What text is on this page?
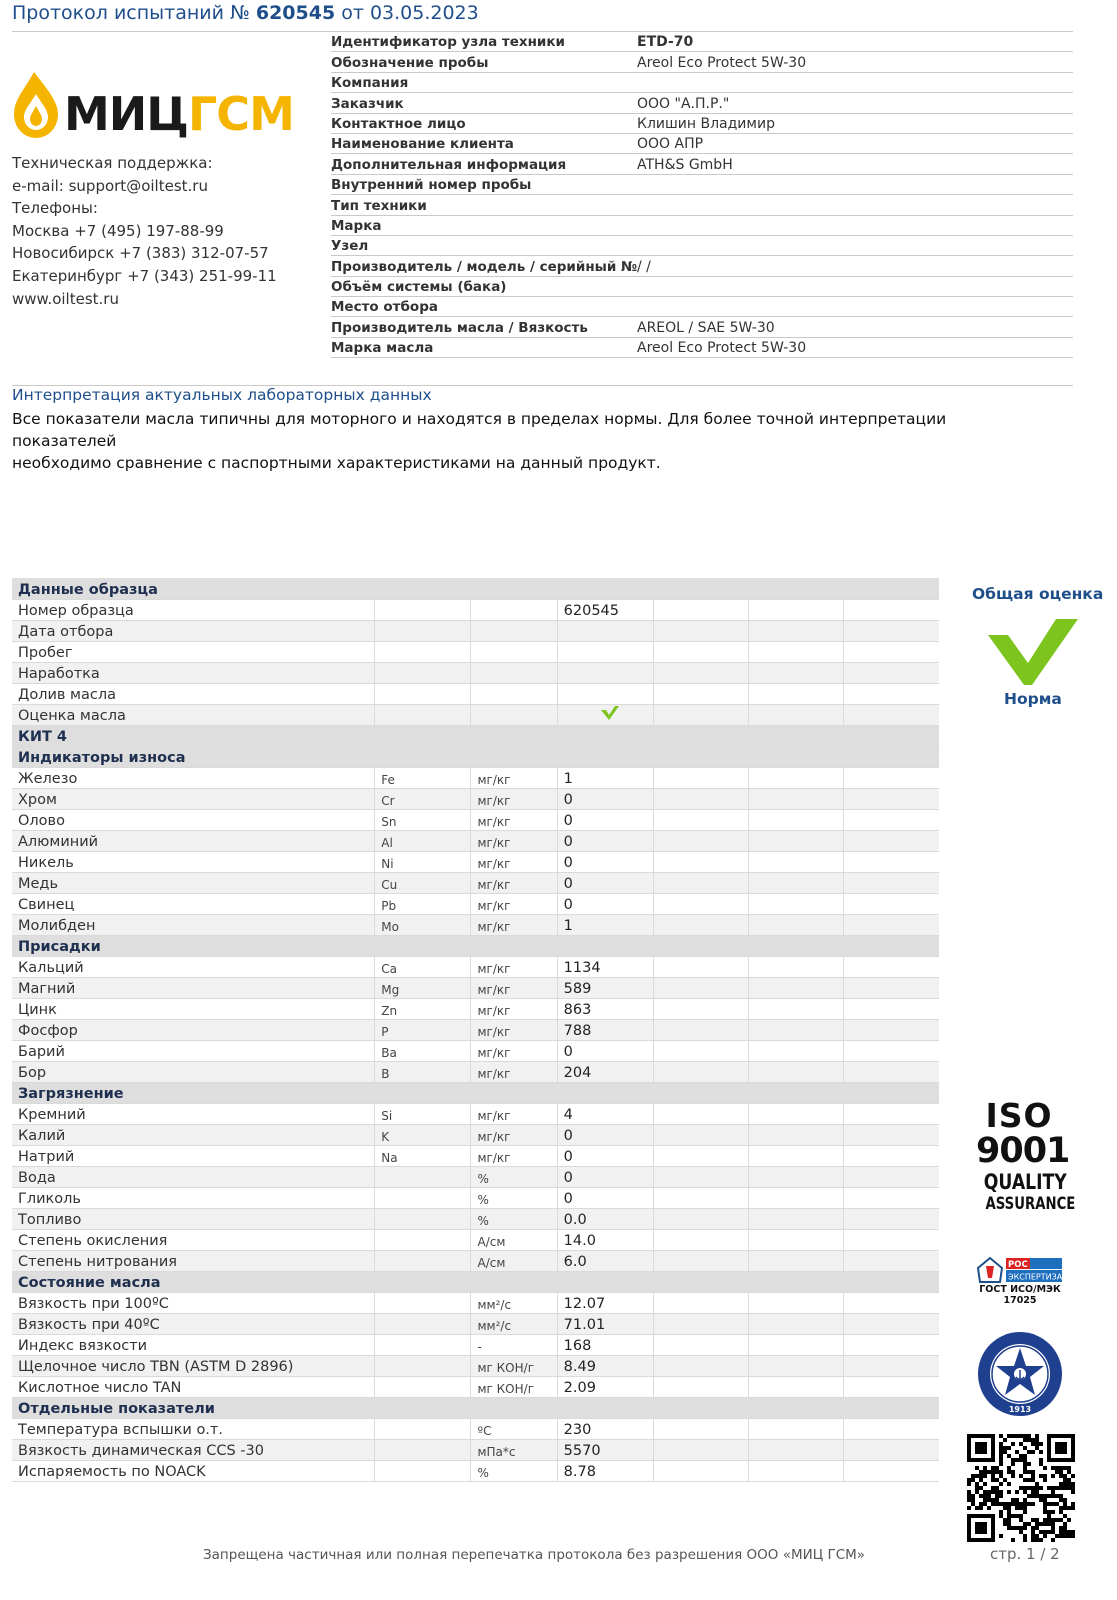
Протокол испытаний № 620545 от 03.05.2023
МИЦ ГСМ
Техническая поддержка:
e-mail: support@oiltest.ru
Телефоны:
Москва +7 (495) 197-88-99
Новосибирск +7 (383) 312-07-57
Екатеринбург +7 (343) 251-99-11
www.oiltest.ru
Идентификатор узла техники	ETD-70
Обозначение пробы	Areol Eco Protect 5W-30
Компания
Заказчик	ООО "А.П.Р."
Контактное лицо	Клишин Владимир
Наименование клиента	ООО АПР
Дополнительная информация	ATH&S GmbH
Внутренний номер пробы
Тип техники
Марка
Узел
Производитель / модель / серийный № / /
Объём системы (бака)
Место отбора
Производитель масла / Вязкость	AREOL / SAE 5W-30
Марка масла	Areol Eco Protect 5W-30
Интерпретация актуальных лабораторных данных
Все показатели масла типичны для моторного и находятся в пределах нормы. Для более точной интерпретации показателей
необходимо сравнение с паспортными характеристиками на данный продукт.
Данные образца						
Номер образца			620545			
Дата отбора						
Пробег						
Наработка						
Долив масла						
Оценка масла						
КИТ 4						
Индикаторы износа						
Железо	Fe	мг/кг	1			
Хром	Cr	мг/кг	0			
Олово	Sn	мг/кг	0			
Алюминий	Al	мг/кг	0			
Никель	Ni	мг/кг	0			
Медь	Cu	мг/кг	0			
Свинец	Pb	мг/кг	0			
Молибден	Mo	мг/кг	1			
Присадки						
Кальций	Ca	мг/кг	1134			
Магний	Mg	мг/кг	589			
Цинк	Zn	мг/кг	863			
Фосфор	P	мг/кг	788			
Барий	Ba	мг/кг	0			
Бор	B	мг/кг	204			
Загрязнение						
Кремний	Si	мг/кг	4			
Калий	K	мг/кг	0			
Натрий	Na	мг/кг	0			
Вода		%	0			
Гликоль		%	0			
Топливо		%	0.0			
Степень окисления		А/см	14.0			
Степень нитрования		А/см	6.0			
Состояние масла						
Вязкость при 100ºС		мм²/с	12.07			
Вязкость при 40ºС		мм²/с	71.01			
Индекс вязкости		-	168			
Щелочное число TBN (ASTM D 2896)		мг КОН/г	8.49			
Кислотное число TAN		мг КОН/г	2.09			
Отдельные показатели						
Температура вспышки о.т.		ºС	230			
Вязкость динамическая CCS -30		мПа*с	5570			
Испаряемость по NOACK		%	8.78			
Общая оценка
Норма
ISO
9001
QUALITY
ASSURANCE
РОС
ЭКСПЕРТИЗА
ГОСТ ИСО/МЭК
17025
1913
Запрещена частичная или полная перепечатка протокола без разрешения ООО «МИЦ ГСМ»	стр. 1 / 2
